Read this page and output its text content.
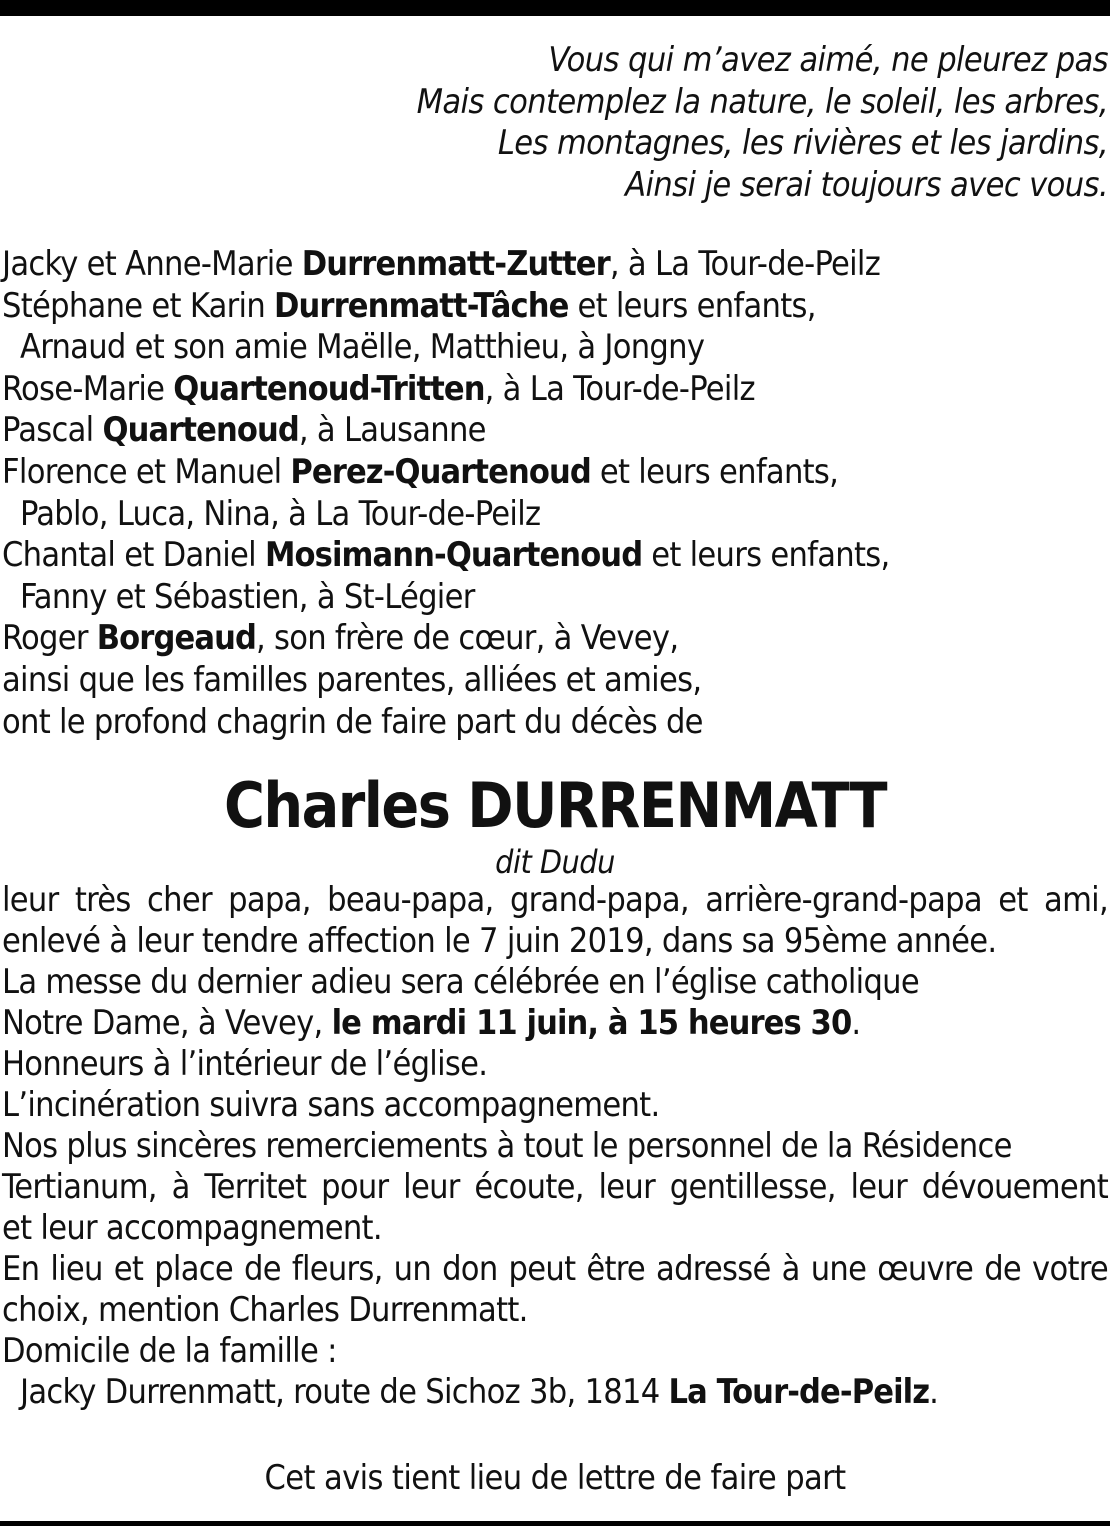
Vous qui m’avez aimé, ne pleurez pas
Mais contemplez la nature, le soleil, les arbres,
Les montagnes, les rivières et les jardins,
Ainsi je serai toujours avec vous.
Jacky et Anne-Marie Durrenmatt-Zutter, à La Tour-de-Peilz
Stéphane et Karin Durrenmatt-Tâche et leurs enfants,
Arnaud et son amie Maëlle, Matthieu, à Jongny
Rose-Marie Quartenoud-Tritten, à La Tour-de-Peilz
Pascal Quartenoud, à Lausanne
Florence et Manuel Perez-Quartenoud et leurs enfants,
Pablo, Luca, Nina, à La Tour-de-Peilz
Chantal et Daniel Mosimann-Quartenoud et leurs enfants,
Fanny et Sébastien, à St-Légier
Roger Borgeaud, son frère de cœur, à Vevey,
ainsi que les familles parentes, alliées et amies,
ont le profond chagrin de faire part du décès de
Charles DURRENMATT
dit Dudu
leur très cher papa, beau-papa, grand-papa, arrière-grand-papa et ami,
enlevé à leur tendre affection le 7 juin 2019, dans sa 95ème année.
La messe du dernier adieu sera célébrée en l’église catholique
Notre Dame, à Vevey, le mardi 11 juin, à 15 heures 30.
Honneurs à l’intérieur de l’église.
L’incinération suivra sans accompagnement.
Nos plus sincères remerciements à tout le personnel de la Résidence
Tertianum, à Territet pour leur écoute, leur gentillesse, leur dévouement
et leur accompagnement.
En lieu et place de fleurs, un don peut être adressé à une œuvre de votre
choix, mention Charles Durrenmatt.
Domicile de la famille :
Jacky Durrenmatt, route de Sichoz 3b, 1814 La Tour-de-Peilz.
Cet avis tient lieu de lettre de faire part
